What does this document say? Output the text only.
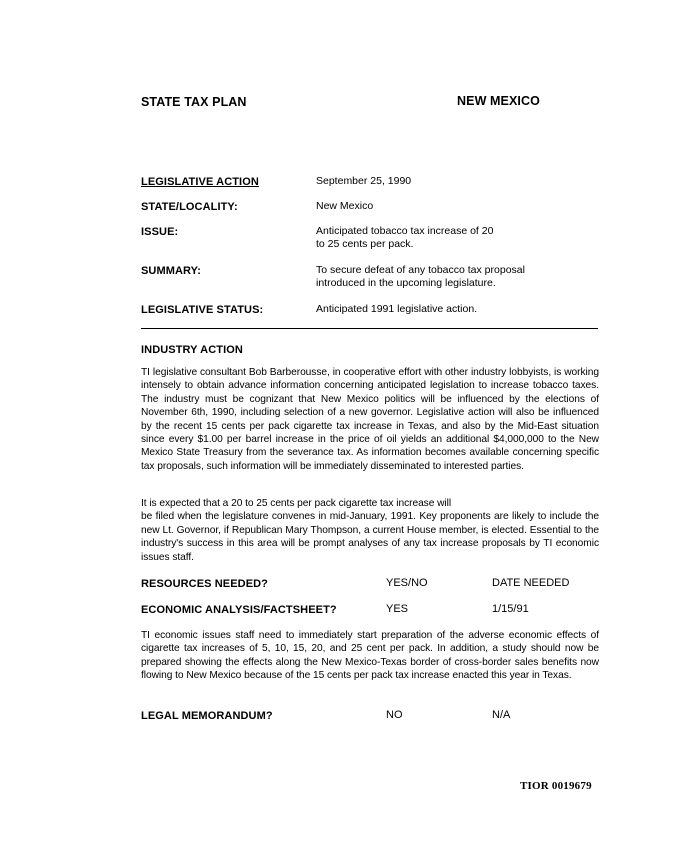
STATE TAX PLAN	NEW MEXICO
LEGISLATIVE ACTION	September 25, 1990
STATE/LOCALITY:	New Mexico
ISSUE:	Anticipated tobacco tax increase of 20
to 25 cents per pack.
SUMMARY:	To secure defeat of any tobacco tax proposal
introduced in the upcoming legislature.
LEGISLATIVE STATUS:	Anticipated 1991 legislative action.
INDUSTRY ACTION
TI legislative consultant Bob Barberousse, in cooperative effort with other industry lobbyists, is working intensely to obtain advance information concerning anticipated legislation to increase tobacco taxes. The industry must be cognizant that New Mexico politics will be influenced by the elections of November 6th, 1990, including selection of a new governor. Legislative action will also be influenced by the recent 15 cents per pack cigarette tax increase in Texas, and also by the Mid-East situation since every $1.00 per barrel increase in the price of oil yields an additional $4,000,000 to the New Mexico State Treasury from the severance tax. As information becomes available concerning specific tax proposals, such information will be immediately disseminated to interested parties.
It is expected that a 20 to 25 cents per pack cigarette tax increase will
be filed when the legislature convenes in mid-January, 1991. Key proponents are likely to include the new Lt. Governor, if Republican Mary Thompson, a current House member, is elected. Essential to the industry's success in this area will be prompt analyses of any tax increase proposals by TI economic issues staff.
RESOURCES NEEDED?	YES/NO	DATE NEEDED
ECONOMIC ANALYSIS/FACTSHEET?	YES	1/15/91
TI economic issues staff need to immediately start preparation of the adverse economic effects of cigarette tax increases of 5, 10, 15, 20, and 25 cent per pack. In addition, a study should now be prepared showing the effects along the New Mexico-Texas border of cross-border sales benefits now flowing to New Mexico because of the 15 cents per pack tax increase enacted this year in Texas.
LEGAL MEMORANDUM?	NO	N/A
TIOR 0019679
